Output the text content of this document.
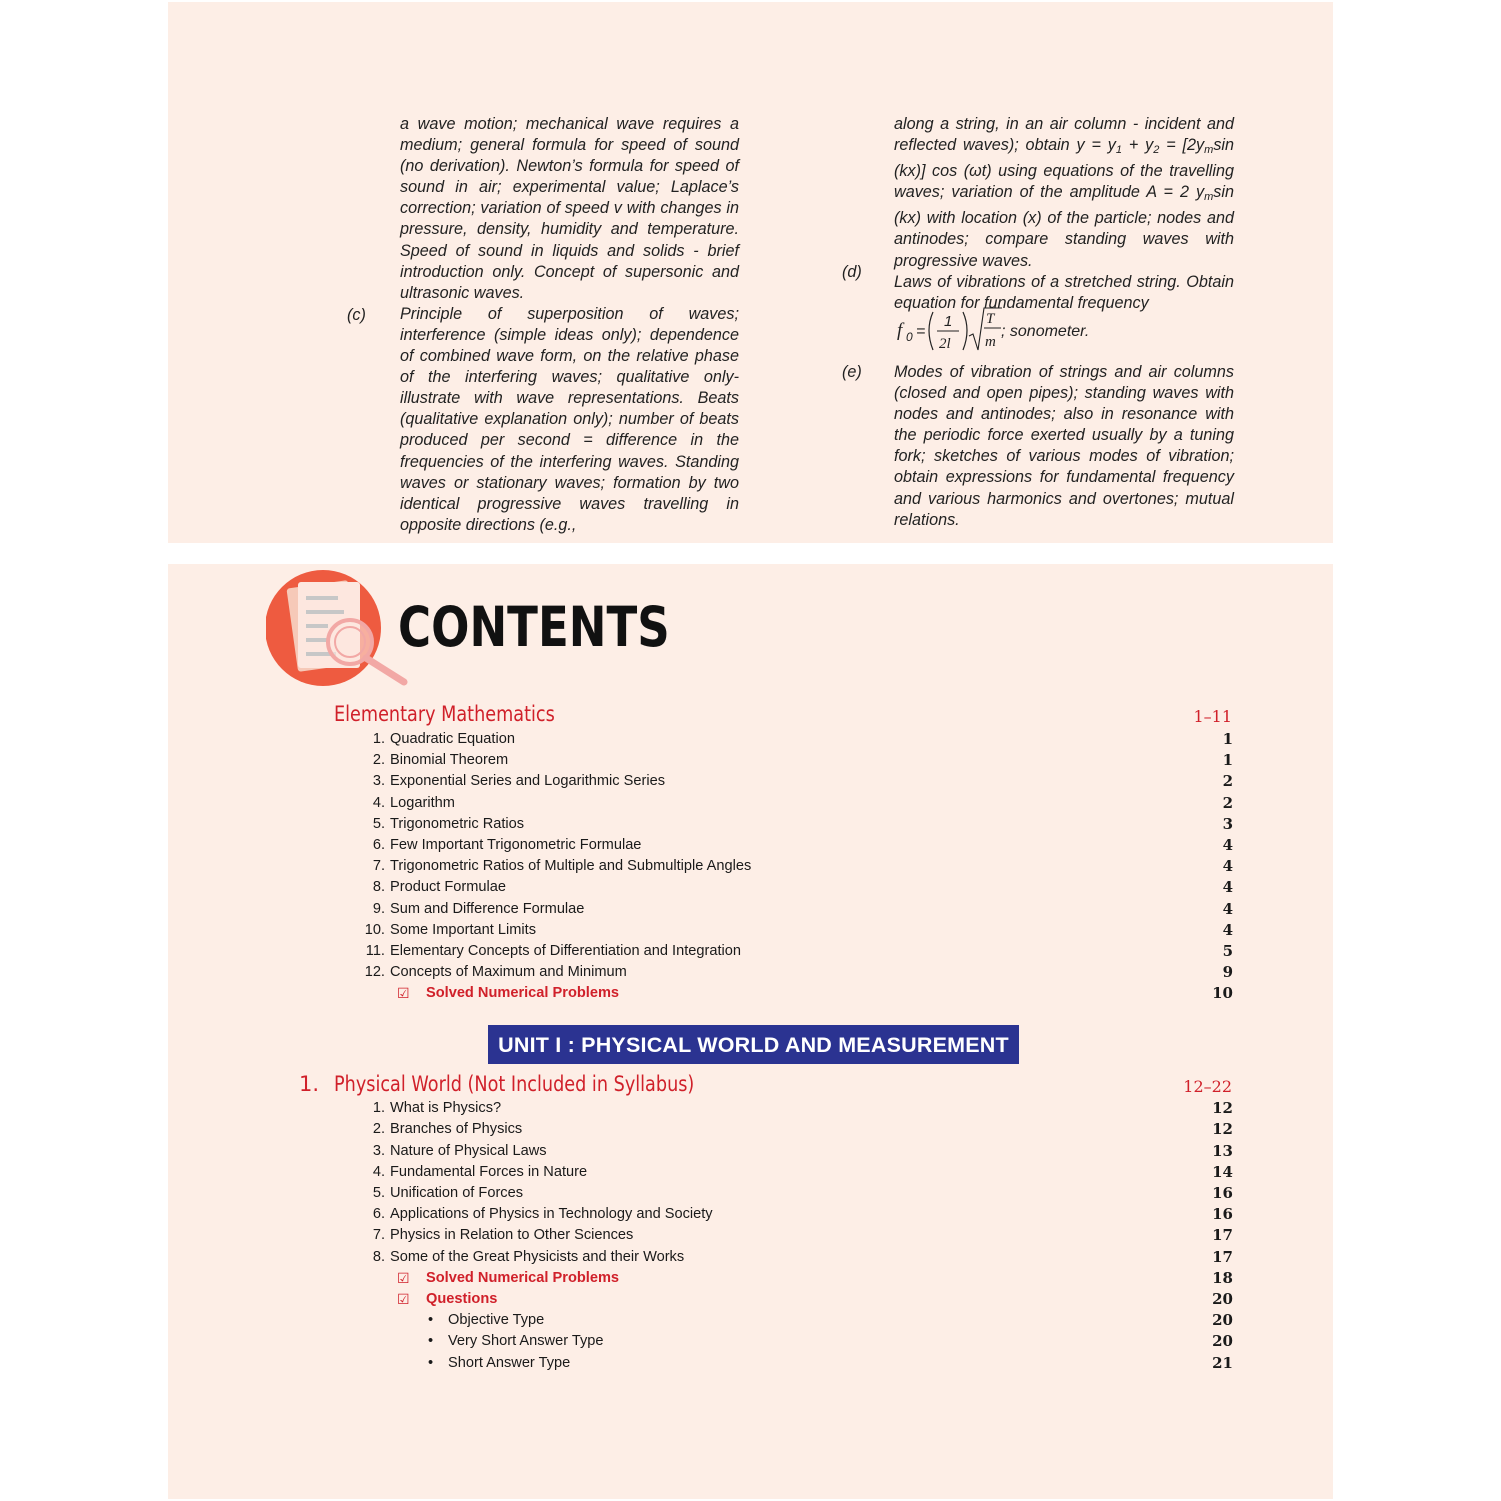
a wave motion; mechanical wave requires a medium; general formula for speed of sound (no derivation). Newton’s formula for speed of sound in air; experimental value; Laplace’s correction; variation of speed v with changes in pressure, density, humidity and temperature. Speed of sound in liquids and solids - brief introduction only. Concept of supersonic and ultrasonic waves.

Principle of superposition of waves; interference (simple ideas only); dependence of combined wave form, on the relative phase of the interfering waves; qualitative only- illustrate with wave representations. Beats (qualitative explanation only); number of beats produced per second = difference in the frequencies of the interfering waves. Standing waves or stationary waves; formation by two identical progressive waves travelling in opposite directions (e.g.,

(c)

along a string, in an air column - incident and reflected waves); obtain $y = y_1 + y_2 = [2y_m\sin$ (kx)] cos (ωt) using equations of the travelling waves; variation of the amplitude A = 2 $y_m\sin$ (kx) with location (x) of the particle; nodes and antinodes; compare standing waves with progressive waves.

Laws of vibrations of a stretched string. Obtain equation for fundamental frequency

(d)
f 0 =
1
2l
T
m
; sonometer.

Modes of vibration of strings and air columns (closed and open pipes); standing waves with nodes and antinodes; also in resonance with the periodic force exerted usually by a tuning fork; sketches of various modes of vibration; obtain expressions for fundamental frequency and various harmonics and overtones; mutual relations.

(e)
CONTENTS
Elementary Mathematics	1–11
1. Quadratic Equation	1
2. Binomial Theorem	1
3. Exponential Series and Logarithmic Series	2
4. Logarithm	2
5. Trigonometric Ratios	3
6. Few Important Trigonometric Formulae	4
7. Trigonometric Ratios of Multiple and Submultiple Angles	4
8. Product Formulae	4
9. Sum and Difference Formulae	4
10. Some Important Limits	4
11. Elementary Concepts of Differentiation and Integration	5
12. Concepts of Maximum and Minimum	9
☑ Solved Numerical Problems	10
UNIT I : PHYSICAL WORLD AND MEASUREMENT
1. Physical World (Not Included in Syllabus)	12–22
1. What is Physics?	12
2. Branches of Physics	12
3. Nature of Physical Laws	13
4. Fundamental Forces in Nature	14
5. Unification of Forces	16
6. Applications of Physics in Technology and Society	16
7. Physics in Relation to Other Sciences	17
8. Some of the Great Physicists and their Works	17
☑ Solved Numerical Problems	18
☑ Questions	20
• Objective Type	20
• Very Short Answer Type	20
• Short Answer Type	21
